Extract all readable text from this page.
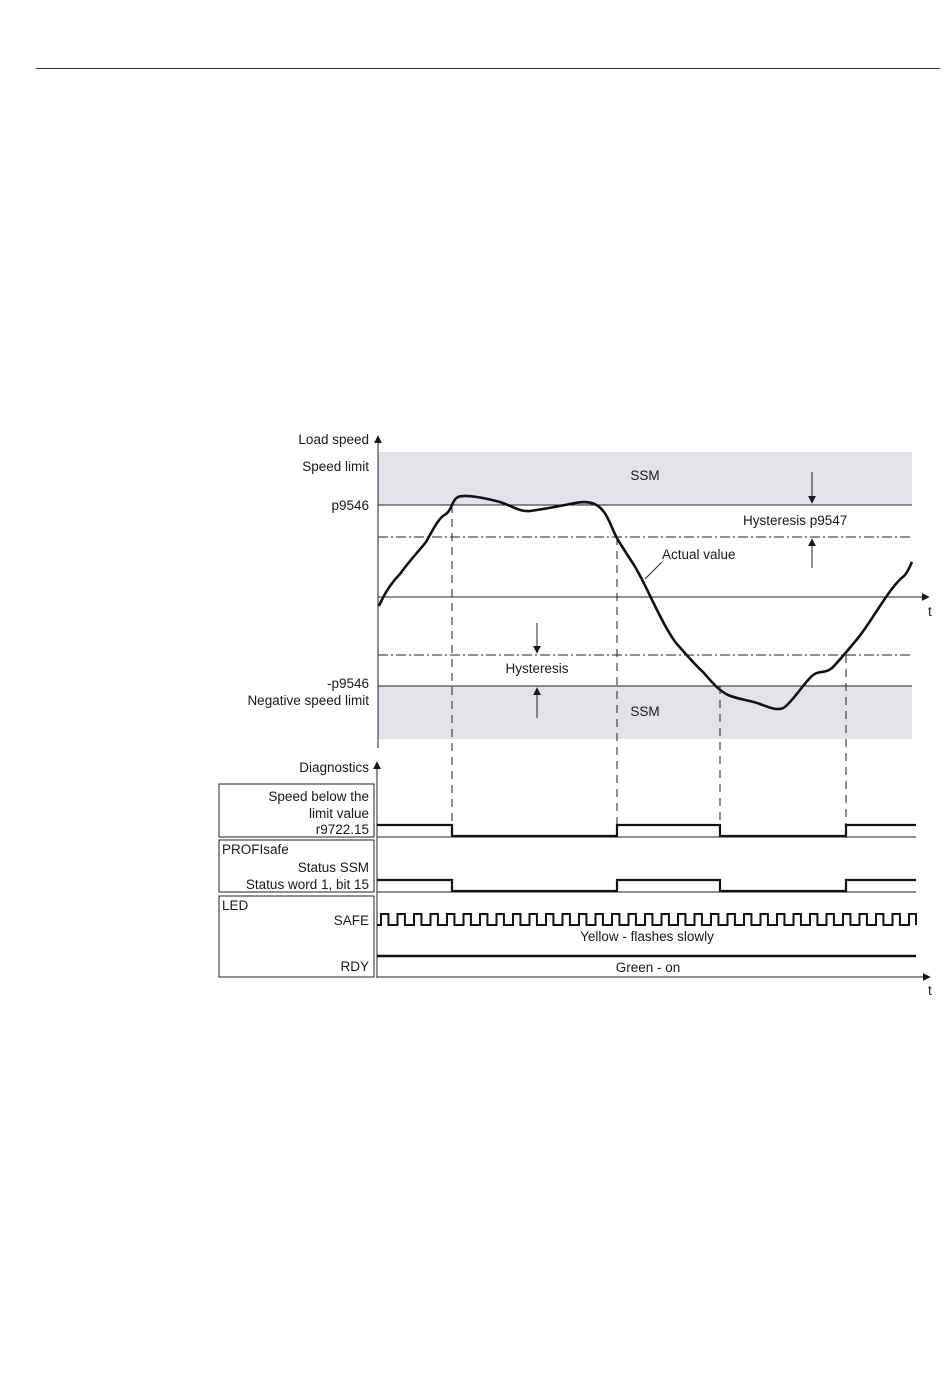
Load speed
Speed limit
p9546
-p9546
Negative speed limit
SSM
SSM
Hysteresis p9547
Actual value
Hysteresis
t
Diagnostics
t
Speed below the
limit value
r9722.15
PROFIsafe
Status SSM
Status word 1, bit 15
LED
SAFE
RDY
Yellow - flashes slowly
Green - on
